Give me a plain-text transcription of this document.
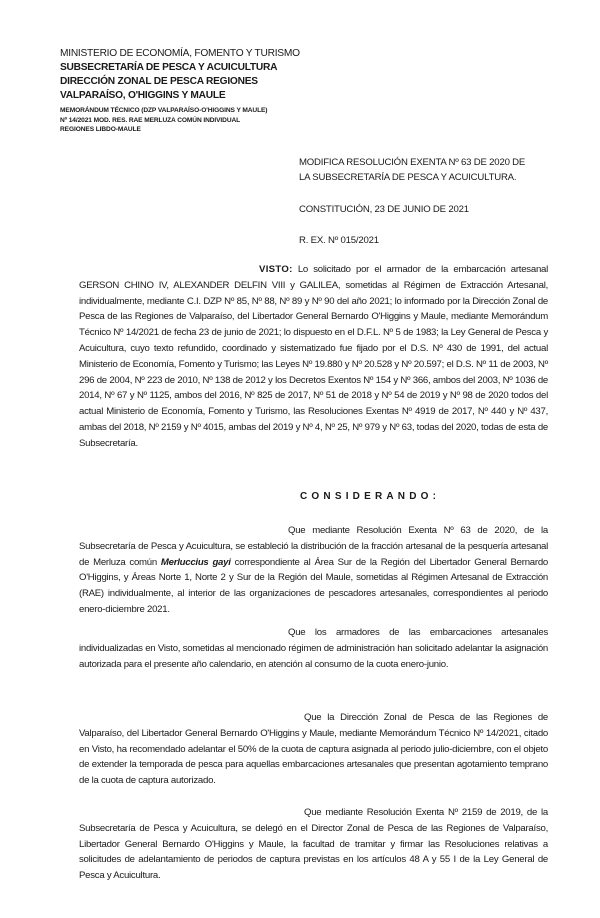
MINISTERIO DE ECONOMÍA, FOMENTO Y TURISMO
SUBSECRETARÍA DE PESCA Y ACUICULTURA
DIRECCIÓN ZONAL DE PESCA REGIONES
VALPARAÍSO, O'HIGGINS Y MAULE
MEMORÁNDUM TÉCNICO (DZP VALPARAÍSO-O'HIGGINS Y MAULE)
Nº 14/2021 MOD. RES. RAE MERLUZA COMÚN INDIVIDUAL
REGIONES LIBDO-MAULE
MODIFICA RESOLUCIÓN EXENTA Nº 63 DE 2020 DE
LA SUBSECRETARÍA DE PESCA Y ACUICULTURA.
CONSTITUCIÓN, 23 DE JUNIO DE 2021
R. EX. Nº 015/2021
VISTO: Lo solicitado por el armador de la embarcación artesanal GERSON CHINO IV, ALEXANDER DELFIN VIII y GALILEA, sometidas al Régimen de Extracción Artesanal, individualmente, mediante C.I. DZP Nº 85, Nº 88, Nº 89 y Nº 90 del año 2021; lo informado por la Dirección Zonal de Pesca de las Regiones de Valparaíso, del Libertador General Bernardo O'Higgins y Maule, mediante Memorándum Técnico Nº 14/2021 de fecha 23 de junio de 2021; lo dispuesto en el D.F.L. Nº 5 de 1983; la Ley General de Pesca y Acuicultura, cuyo texto refundido, coordinado y sistematizado fue fijado por el D.S. Nº 430 de 1991, del actual Ministerio de Economía, Fomento y Turismo; las Leyes Nº 19.880 y Nº 20.528 y Nº 20.597; el D.S. Nº 11 de 2003, Nº 296 de 2004, Nº 223 de 2010, Nº 138 de 2012 y los Decretos Exentos Nº 154 y Nº 366, ambos del 2003, Nº 1036 de 2014, Nº 67 y Nº 1125, ambos del 2016, Nº 825 de 2017, Nº 51 de 2018 y Nº 54 de 2019 y Nº 98 de 2020 todos del actual Ministerio de Economía, Fomento y Turismo, las Resoluciones Exentas Nº 4919 de 2017, Nº 440 y Nº 437, ambas del 2018, Nº 2159 y Nº 4015, ambas del 2019 y Nº 4, Nº 25, Nº 979 y Nº 63, todas del 2020, todas de esta de Subsecretaría.
CONSIDERANDO:
Que mediante Resolución Exenta Nº 63 de 2020, de la Subsecretaría de Pesca y Acuicultura, se estableció la distribución de la fracción artesanal de la pesquería artesanal de Merluza común Merluccius gayi correspondiente al Área Sur de la Región del Libertador General Bernardo O'Higgins, y Áreas Norte 1, Norte 2 y Sur de la Región del Maule, sometidas al Régimen Artesanal de Extracción (RAE) individualmente, al interior de las organizaciones de pescadores artesanales, correspondientes al periodo enero-diciembre 2021.
Que los armadores de las embarcaciones artesanales individualizadas en Visto, sometidas al mencionado régimen de administración han solicitado adelantar la asignación autorizada para el presente año calendario, en atención al consumo de la cuota enero-junio.
Que la Dirección Zonal de Pesca de las Regiones de Valparaíso, del Libertador General Bernardo O'Higgins y Maule, mediante Memorándum Técnico Nº 14/2021, citado en Visto, ha recomendado adelantar el 50% de la cuota de captura asignada al periodo julio-diciembre, con el objeto de extender la temporada de pesca para aquellas embarcaciones artesanales que presentan agotamiento temprano de la cuota de captura autorizado.
Que mediante Resolución Exenta Nº 2159 de 2019, de la Subsecretaría de Pesca y Acuicultura, se delegó en el Director Zonal de Pesca de las Regiones de Valparaíso, Libertador General Bernardo O'Higgins y Maule, la facultad de tramitar y firmar las Resoluciones relativas a solicitudes de adelantamiento de periodos de captura previstas en los artículos 48 A y 55 I de la Ley General de Pesca y Acuicultura.
